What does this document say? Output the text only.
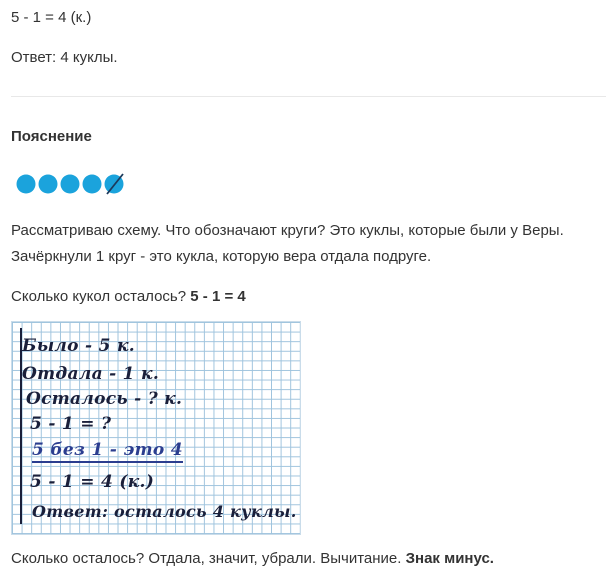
5 - 1 = 4 (к.)
Ответ: 4 куклы.
Пояснение
Рассматриваю схему. Что обозначают круги? Это куклы, которые были у Веры.
Зачёркнули 1 круг - это кукла, которую вера отдала подруге.
Сколько кукол осталось? 5 - 1 = 4
Было - 5 к.
Отдала - 1 к.
Осталось - ? к.
5 - 1 = ?
5 без 1 - это 4
5 - 1 = 4 (к.)
Ответ: осталось 4 куклы.
Сколько осталось? Отдала, значит, убрали. Вычитание. Знак минус.
